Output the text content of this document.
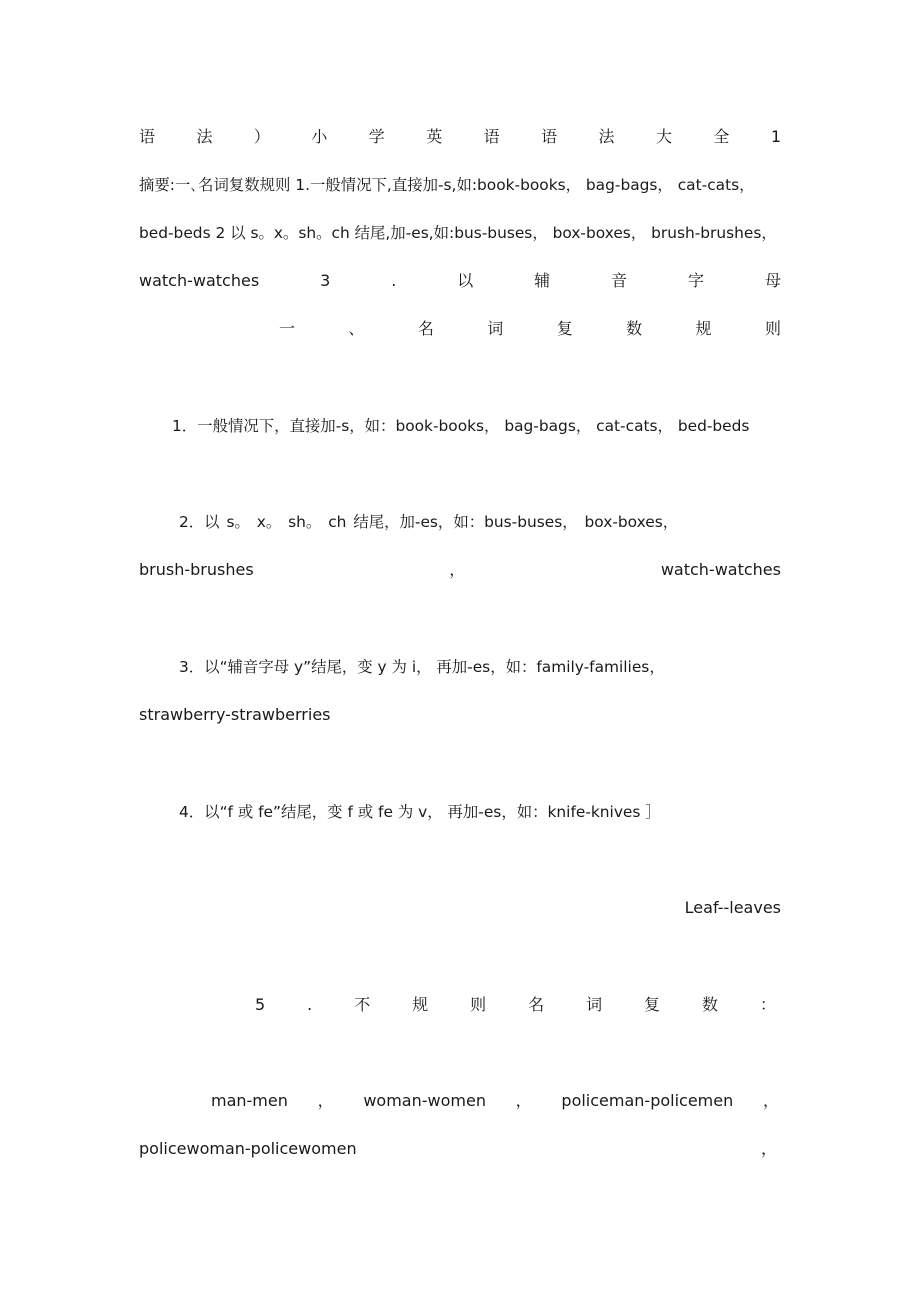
语	法	）	小	学	英	语	语	法	大	全	1
摘要:一､名词复数规则 1.一般情况下,直接加-s,如:book-books， bag-bags， cat-cats，
bed-beds 2 以 s。x。sh。ch 结尾,加-es,如:bus-buses， box-boxes， brush-brushes，
watch-watches	3	.	以	辅	音	字	母
一	、	名	词	复	数	规	则
1．一般情况下，直接加-s，如：book-books， bag-bags， cat-cats， bed-beds
2．以 s。 x。 sh。 ch 结尾，加-es，如：bus-buses， box-boxes，
brush-brushes	，	watch-watches
3．以“辅音字母 y”结尾，变 y 为 i， 再加-es，如：family-families，
strawberry-strawberries
4．以“f 或 fe”结尾，变 f 或 fe 为 v， 再加-es，如：knife-knives ］
Leaf--leaves
5	.	不	规	则	名	词	复	数	：
man-men ， woman-women ， policeman-policemen ，
policewoman-policewomen	，
